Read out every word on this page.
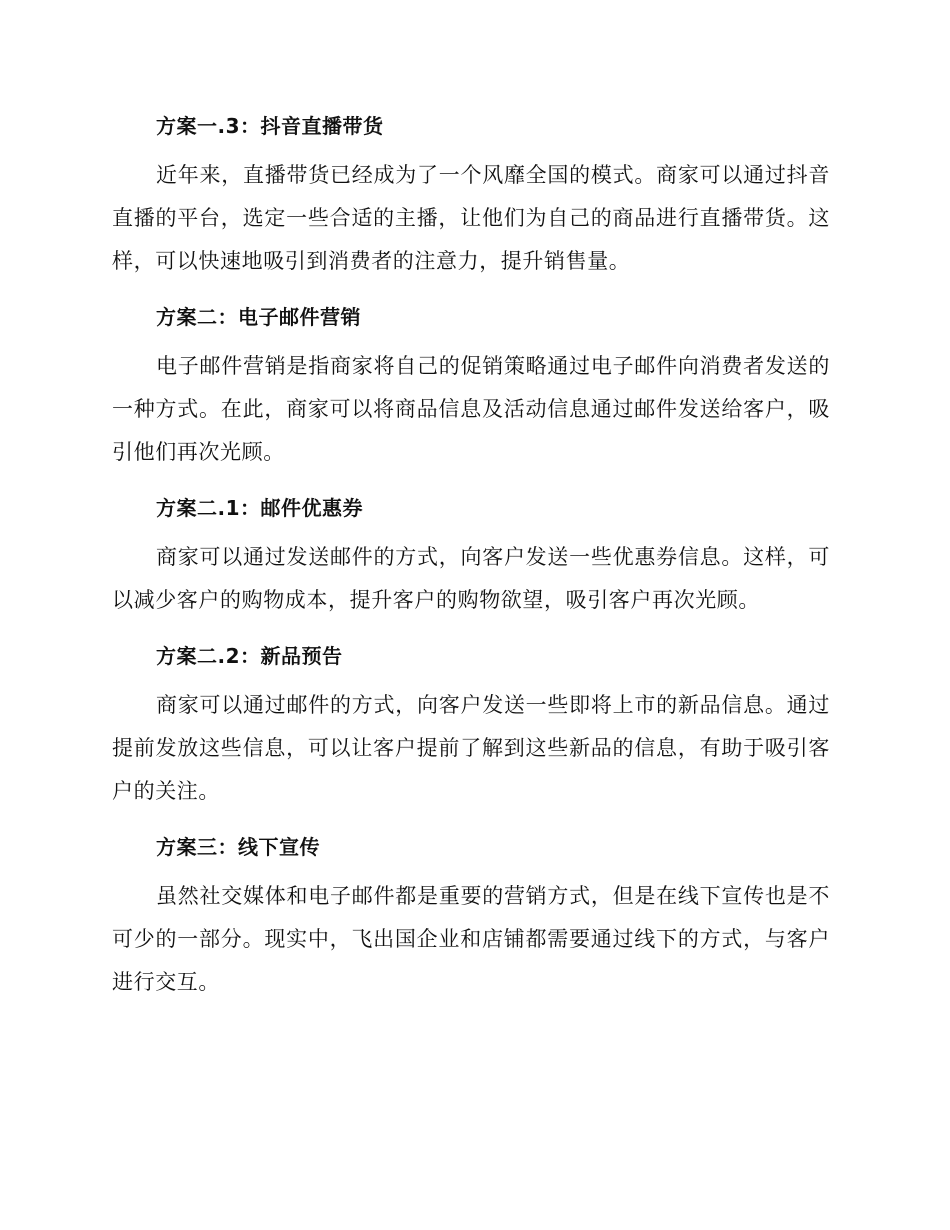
方案一.3：抖音直播带货

近年来，直播带货已经成为了一个风靡全国的模式。商家可以通过抖音直播的平台，选定一些合适的主播，让他们为自己的商品进行直播带货。这样，可以快速地吸引到消费者的注意力，提升销售量。

方案二：电子邮件营销

电子邮件营销是指商家将自己的促销策略通过电子邮件向消费者发送的一种方式。在此，商家可以将商品信息及活动信息通过邮件发送给客户，吸引他们再次光顾。

方案二.1：邮件优惠券

商家可以通过发送邮件的方式，向客户发送一些优惠券信息。这样，可以减少客户的购物成本，提升客户的购物欲望，吸引客户再次光顾。

方案二.2：新品预告

商家可以通过邮件的方式，向客户发送一些即将上市的新品信息。通过提前发放这些信息，可以让客户提前了解到这些新品的信息，有助于吸引客户的关注。

方案三：线下宣传

虽然社交媒体和电子邮件都是重要的营销方式，但是在线下宣传也是不可少的一部分。现实中，飞出国企业和店铺都需要通过线下的方式，与客户进行交互。
